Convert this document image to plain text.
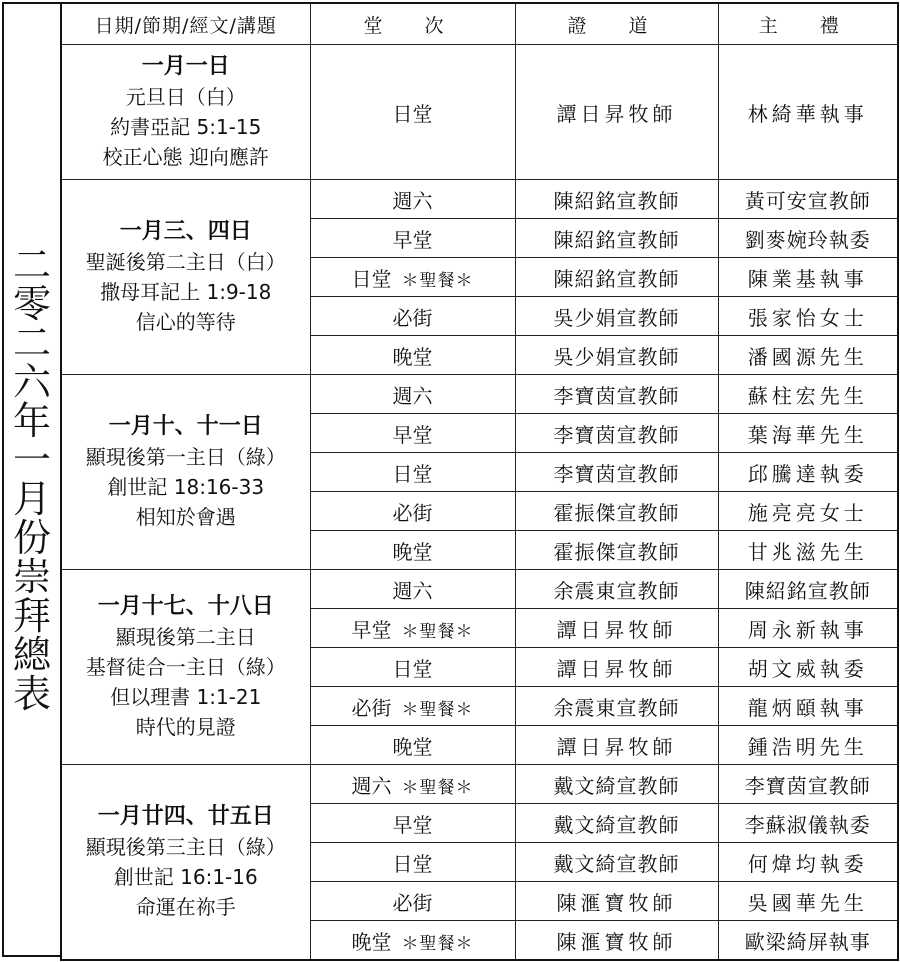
二
零
二
六
年
一
月
份
崇
拜
總
表
日期/節期/經文/講題	堂 次	證 道	主 禮

一月一日
元旦日（白）
約書亞記 5:1-15
校正心態 迎向應許	日堂	譚日昇牧師	林綺華執事

一月三、四日
聖誕後第二主日（白）
撒母耳記上 1:9-18
信心的等待	週六	陳紹銘宣教師	黃可安宣教師
	早堂	陳紹銘宣教師	劉麥婉玲執委
	日堂 ＊聖餐＊	陳紹銘宣教師	陳業基執事
	必街	吳少娟宣教師	張家怡女士
	晚堂	吳少娟宣教師	潘國源先生

一月十、十一日
顯現後第一主日（綠）
創世記 18:16-33
相知於會遇	週六	李寶茵宣教師	蘇柱宏先生
	早堂	李寶茵宣教師	葉海華先生
	日堂	李寶茵宣教師	邱騰達執委
	必街	霍振傑宣教師	施亮亮女士
	晚堂	霍振傑宣教師	甘兆滋先生

一月十七、十八日
顯現後第二主日
基督徒合一主日（綠）
但以理書 1:1-21
時代的見證	週六	余震東宣教師	陳紹銘宣教師
	早堂 ＊聖餐＊	譚日昇牧師	周永新執事
	日堂	譚日昇牧師	胡文威執委
	必街 ＊聖餐＊	余震東宣教師	龍炳頤執事
	晚堂	譚日昇牧師	鍾浩明先生

一月廿四、廿五日
顯現後第三主日（綠）
創世記 16:1-16
命運在祢手	週六 ＊聖餐＊	戴文綺宣教師	李寶茵宣教師
	早堂	戴文綺宣教師	李蘇淑儀執委
	日堂	戴文綺宣教師	何煒均執委
	必街	陳滙寶牧師	吳國華先生
	晚堂 ＊聖餐＊	陳滙寶牧師	歐梁綺屏執事
